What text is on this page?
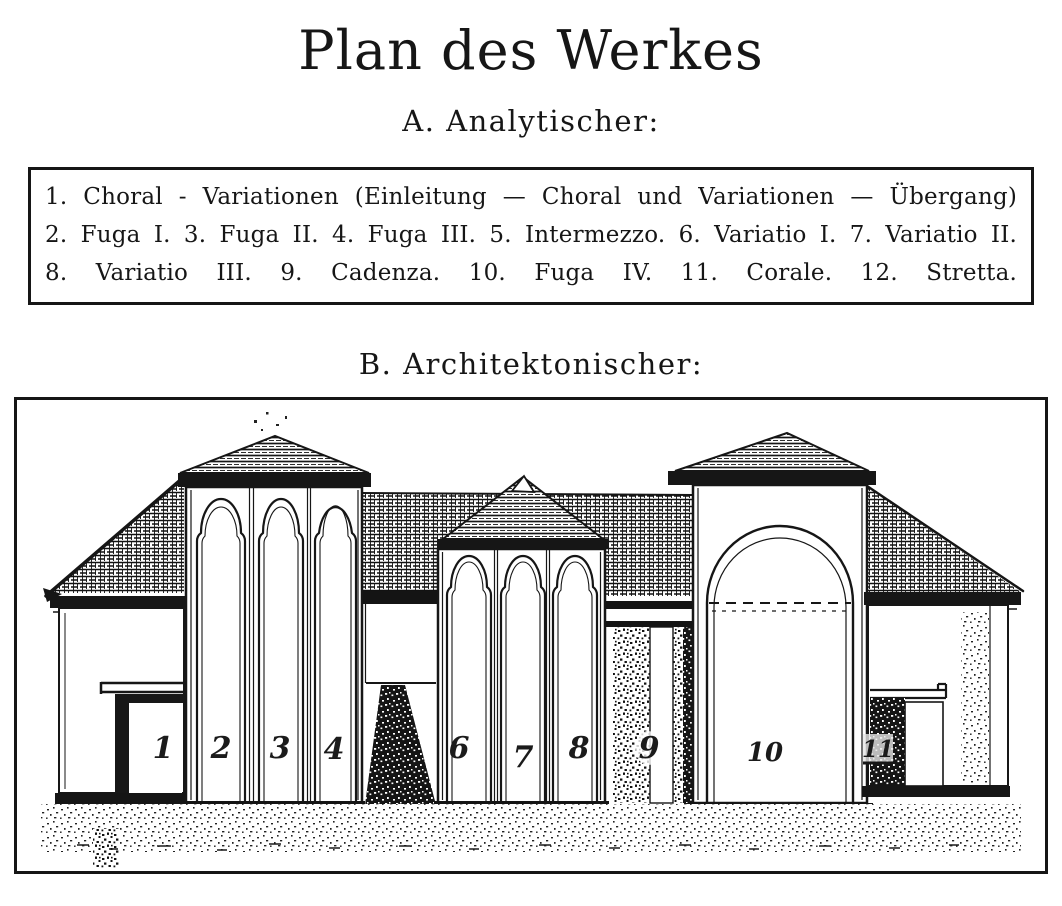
Plan des Werkes
A. Analytischer:
1. Choral - Variationen (Einleitung — Choral und Variationen — Übergang)
2. Fuga I. 3. Fuga II. 4. Fuga III. 5. Intermezzo. 6. Variatio I. 7. Variatio II.
8. Variatio III. 9. Cadenza. 10. Fuga IV. 11. Corale. 12. Stretta.
B. Architektonischer:
1 2 3 4	6 7 8 9	10	11
